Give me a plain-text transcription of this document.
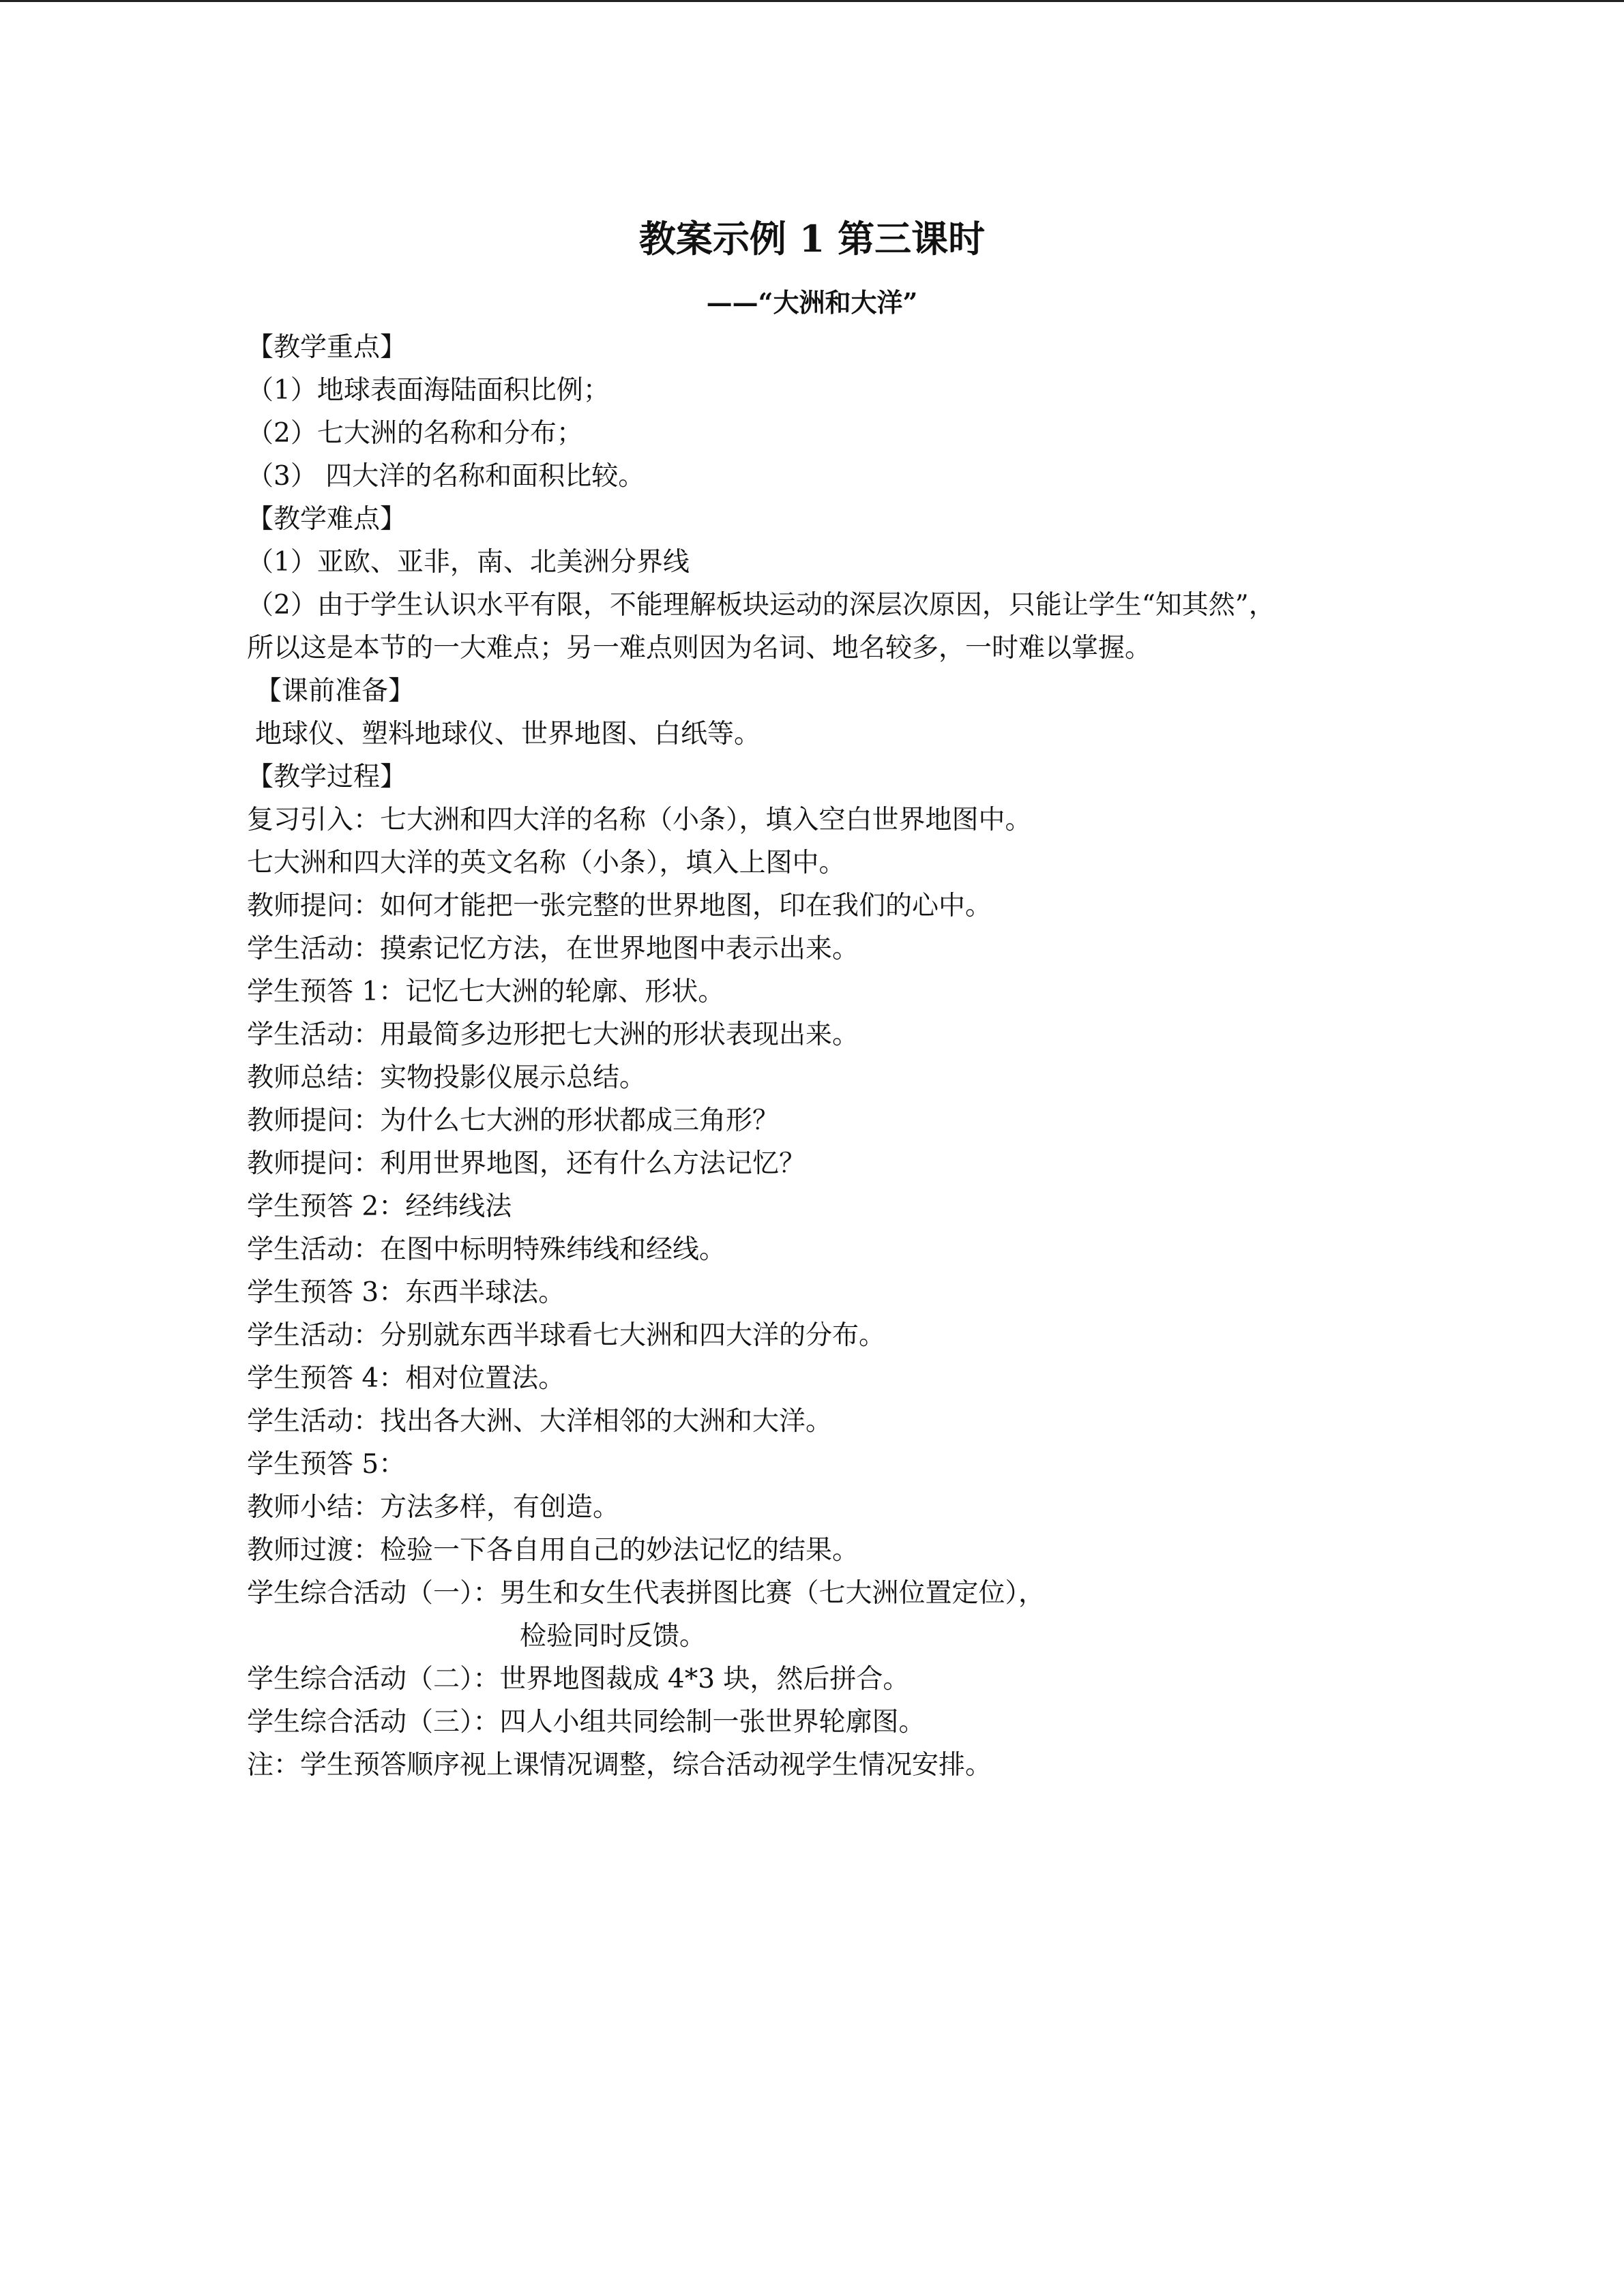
教案示例 1 第三课时
——“大洲和大洋”
【教学重点】
（1）地球表面海陆面积比例；
（2）七大洲的名称和分布；
（3） 四大洋的名称和面积比较。
【教学难点】
（1）亚欧、亚非，南、北美洲分界线
（2）由于学生认识水平有限，不能理解板块运动的深层次原因，只能让学生“知其然”，
所以这是本节的一大难点；另一难点则因为名词、地名较多，一时难以掌握。
【课前准备】
地球仪、塑料地球仪、世界地图、白纸等。
【教学过程】
复习引入：七大洲和四大洋的名称（小条），填入空白世界地图中。
七大洲和四大洋的英文名称（小条），填入上图中。
教师提问：如何才能把一张完整的世界地图，印在我们的心中。
学生活动：摸索记忆方法，在世界地图中表示出来。
学生预答 1：记忆七大洲的轮廓、形状。
学生活动：用最简多边形把七大洲的形状表现出来。
教师总结：实物投影仪展示总结。
教师提问：为什么七大洲的形状都成三角形？
教师提问：利用世界地图，还有什么方法记忆？
学生预答 2：经纬线法
学生活动：在图中标明特殊纬线和经线。
学生预答 3：东西半球法。
学生活动：分别就东西半球看七大洲和四大洋的分布。
学生预答 4：相对位置法。
学生活动：找出各大洲、大洋相邻的大洲和大洋。
学生预答 5：
教师小结：方法多样，有创造。
教师过渡：检验一下各自用自己的妙法记忆的结果。
学生综合活动（一）：男生和女生代表拼图比赛（七大洲位置定位），
检验同时反馈。
学生综合活动（二）：世界地图裁成 4*3 块，然后拼合。
学生综合活动（三）：四人小组共同绘制一张世界轮廓图。
注：学生预答顺序视上课情况调整，综合活动视学生情况安排。
